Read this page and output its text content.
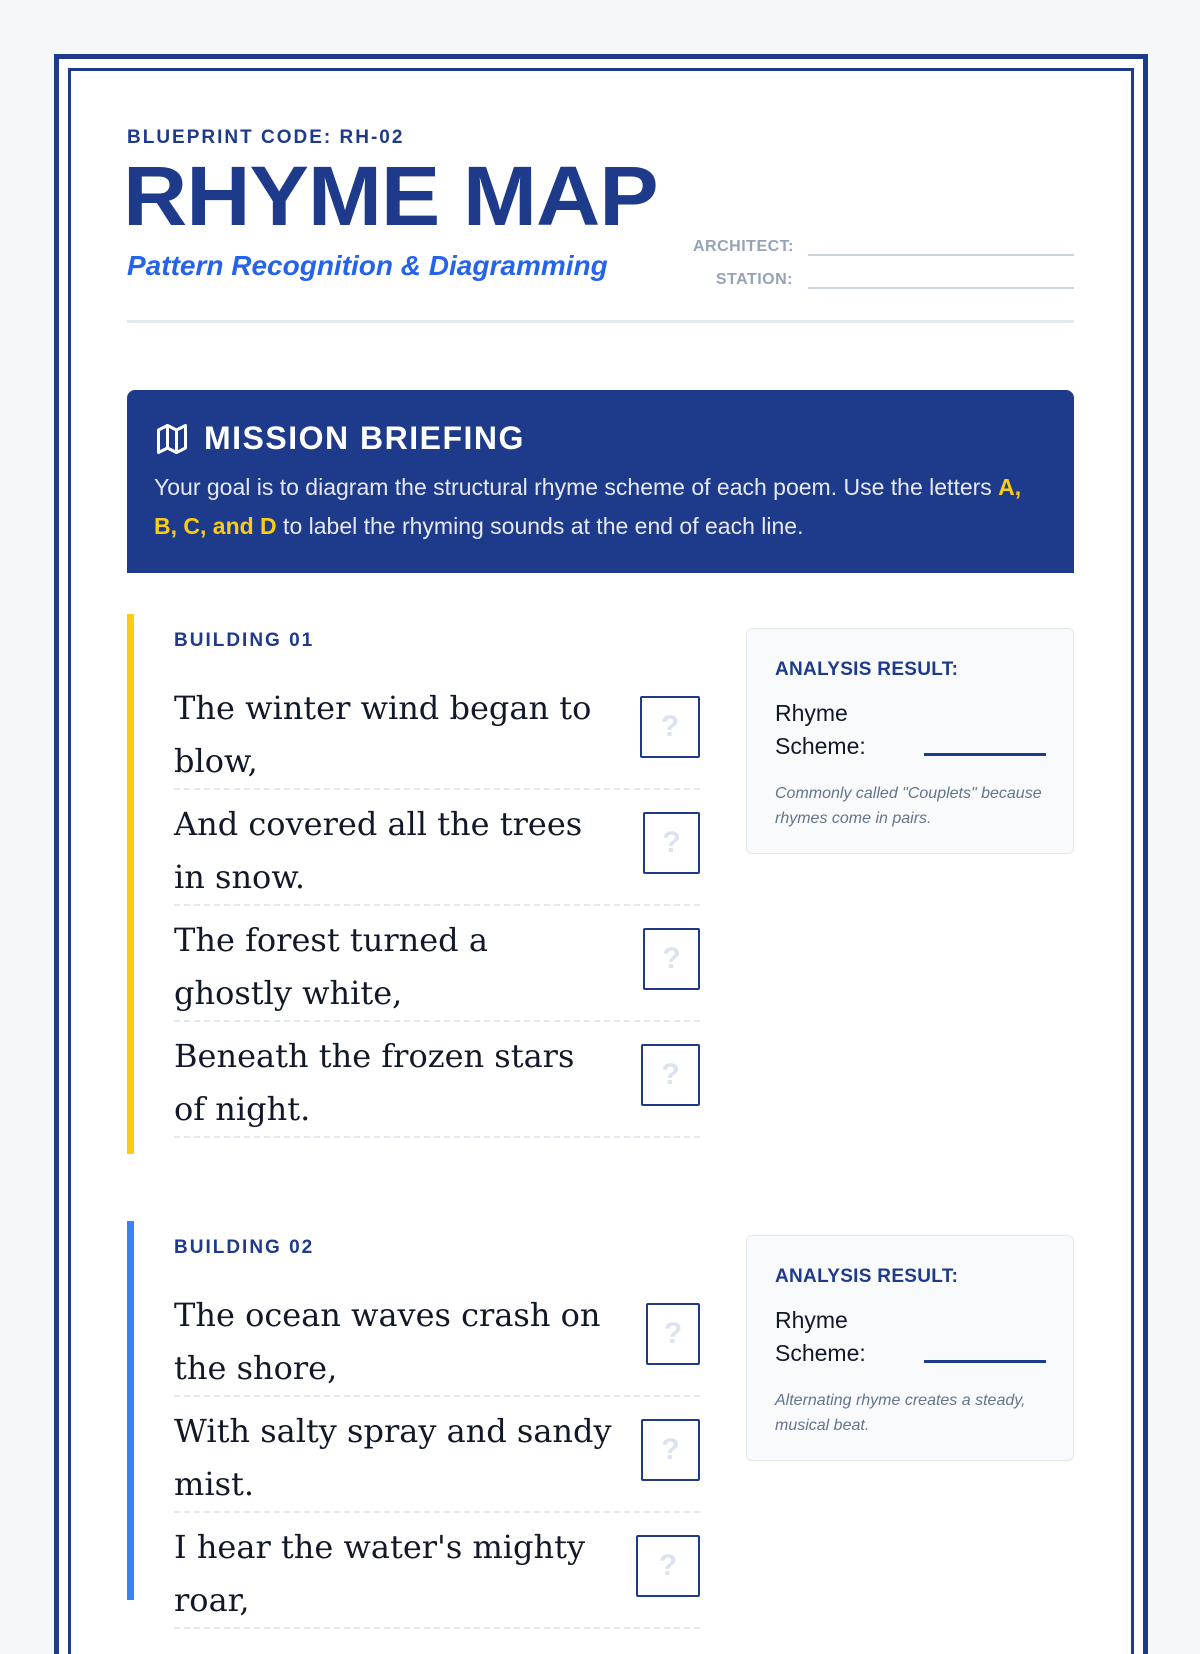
BLUEPRINT CODE: RH-02
RHYME MAP
Pattern Recognition & Diagramming
ARCHITECT:
STATION:
MISSION BRIEFING
Your goal is to diagram the structural rhyme scheme of each poem. Use the letters A, B, C, and D to label the rhyming sounds at the end of each line.
BUILDING 01
The winter wind began to blow,
?
And covered all the trees in snow.
?
The forest turned a ghostly white,
?
Beneath the frozen stars of night.
?
ANALYSIS RESULT:
Rhyme Scheme:
Commonly called "Couplets" because rhymes come in pairs.
BUILDING 02
The ocean waves crash on the shore,
?
With salty spray and sandy mist.
?
I hear the water's mighty roar,
?
ANALYSIS RESULT:
Rhyme Scheme:
Alternating rhyme creates a steady, musical beat.
